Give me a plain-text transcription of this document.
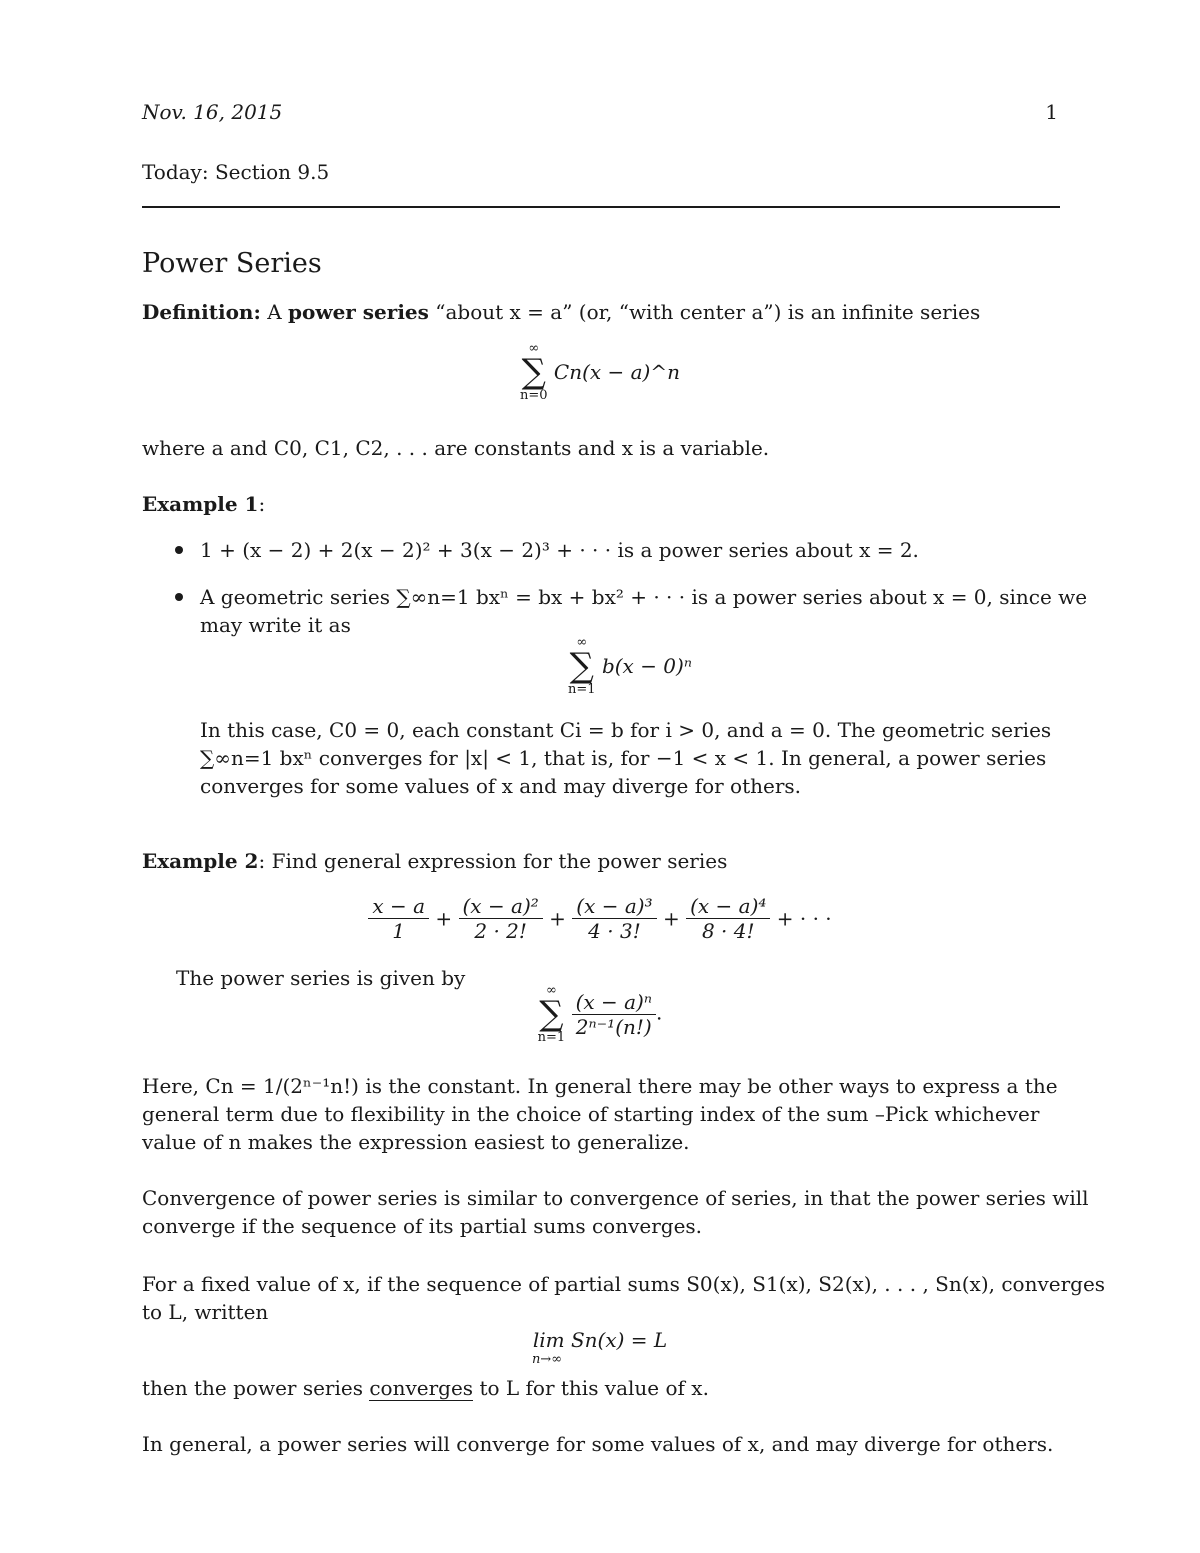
Nov. 16, 2015	1
Today: Section 9.5
Power Series
Definition: A power series “about x = a” (or, “with center a”) is an infinite series
∞
∑
n=0
Cn(x − a)^n
where a and C0, C1, C2, . . . are constants and x is a variable.
Example 1:
1 + (x − 2) + 2(x − 2)² + 3(x − 2)³ + · · · is a power series about x = 2.
A geometric series ∑∞n=1 bxⁿ = bx + bx² + · · · is a power series about x = 0, since we
may write it as
∞
∑
n=1
b(x − 0)ⁿ
In this case, C0 = 0, each constant Ci = b for i > 0, and a = 0. The geometric series
∑∞n=1 bxⁿ converges for |x| < 1, that is, for −1 < x < 1. In general, a power series
converges for some values of x and may diverge for others.
Example 2: Find general expression for the power series
$\frac{x - a}{1} + \frac{\text{(x − a)²}}{2 \cdot 2!} + \frac{\text{(x − a)³}}{4 \cdot 3!} + \frac{\text{(x − a)⁴}}{8 \cdot 4!}$ + · · ·
The power series is given by
∞
∑
n=1
$\frac{\text{(x − a)ⁿ}}{\text{2ⁿ⁻¹(n!)}}$ .
Here, Cn = 1/(2ⁿ⁻¹n!) is the constant. In general there may be other ways to express a the
general term due to flexibility in the choice of starting index of the sum –Pick whichever
value of n makes the expression easiest to generalize.
Convergence of power series is similar to convergence of series, in that the power series will
converge if the sequence of its partial sums converges.
For a fixed value of x, if the sequence of partial sums S0(x), S1(x), S2(x), . . . , Sn(x), converges
to L, written
lim Sn(x) = L
n→∞
then the power series converges to L for this value of x.
In general, a power series will converge for some values of x, and may diverge for others.
